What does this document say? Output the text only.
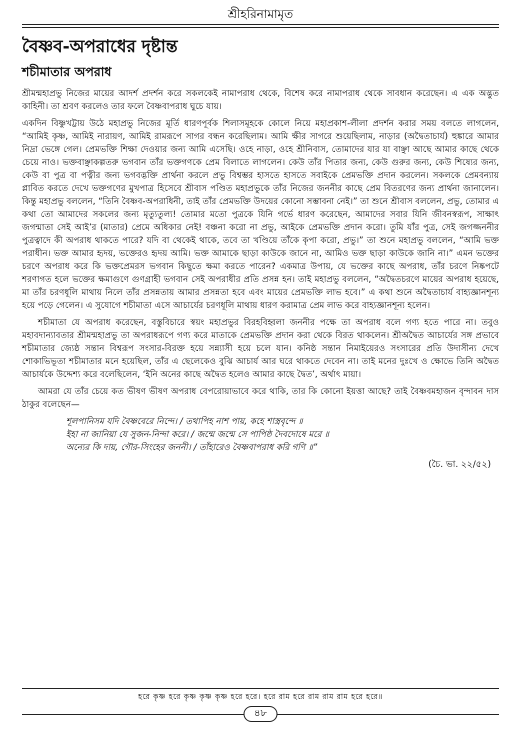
শ্রীহরিনামামৃত
বৈষ্ণব-অপরাধের দৃষ্টান্ত
শচীমাতার অপরাধ

শ্রীমন্মহাপ্রভু নিজের মায়ের আদর্শ প্রদর্শন করে সকলকেই নামাপরাধ থেকে, বিশেষ করে নামাপরাধ থেকে সাবধান করেছেন। এ এক অদ্ভুত কাহিনী। তা শ্রবণ করলেও তার ফলে বৈষ্ণবাপরাধ ঘুচে যায়।

একদিন বিষ্ণুখট্টায় উঠে মহাপ্রভু নিজের মূর্তি ধারণপূর্বক শিলাসমূহকে কোলে নিয়ে মহাপ্রকাশ-লীলা প্রদর্শন করার সময় বলতে লাগলেন, “আমিই কৃষ্ণ, আমিই নারায়ণ, আমিই রামরূপে সাগর বন্ধন করেছিলাম। আমি ক্ষীর সাগরে শুয়েছিলাম, নাড়ার (অদ্বৈতাচার্য) হুঙ্কারে আমার নিদ্রা ভেঙ্গে গেল। প্রেমভক্তি শিক্ষা দেওয়ার জন্য আমি এসেছি। ওহে নাড়া, ওহে শ্রীনিবাস, তোমাদের যার যা বাঞ্ছা আছে আমার কাছে থেকে চেয়ে নাও। ভক্তবাঞ্ছাকল্পতরু ভগবান তাঁর ভক্তগণকে প্রেম বিলাতে লাগলেন। কেউ তাঁর পিতার জন্য, কেউ গুরুর জন্য, কেউ শিষ্যের জন্য, কেউ বা পুত্র বা পত্নীর জন্য ভগবদ্ভক্তি প্রার্থনা করলে প্রভু বিশ্বম্ভর হাসতে হাসতে সবাইকে প্রেমভক্তি প্রদান করলেন। সকলকে প্রেমবন্যায় প্লাবিত করতে দেখে ভক্তগণের মুখপাত্র হিসেবে শ্রীবাস পণ্ডিত মহাপ্রভুকে তাঁর নিজের জননীর কাছে প্রেম বিতরণের জন্য প্রার্থনা জানালেন। কিন্তু মহাপ্রভু বললেন, “তিনি বৈষ্ণব-অপরাধিনী, তাই তাঁর প্রেমভক্তি উদয়ের কোনো সম্ভাবনা নেই।” তা শুনে শ্রীবাস বললেন, প্রভু, তোমার এ কথা তো আমাদের সকলের জন্য মৃত্যুতুল্য! তোমার মতো পুত্রকে যিনি গর্ভে ধারণ করেছেন, আমাদের সবার যিনি জীবনস্বরূপ, সাক্ষাৎ জগন্মাতা সেই আই’র (মাতার) প্রেমে অধিকার নেই! বঞ্চনা করো না প্রভু, আইকে প্রেমভক্তি প্রদান করো। তুমি যাঁর পুত্র, সেই জগজ্জননীর পুত্রত্বাদে কী অপরাধ থাকতে পারে? যদি বা থেকেই থাকে, তবে তা খণ্ডিয়ে তাঁকে কৃপা করো, প্রভু।” তা শুনে মহাপ্রভু বললেন, “আমি ভক্ত পরাধীন। ভক্ত আমার হৃদয়, ভক্তেরও হৃদয় আমি। ভক্ত আমাকে ছাড়া কাউকে জানে না, আমিও ভক্ত ছাড়া কাউকে জানি না।” এমন ভক্তের চরণে অপরাধ করে কি ভক্তপ্রেমরস ভগবান কিছুতে ক্ষমা করতে পারেন? একমাত্র উপায়, যে ভক্তের কাছে অপরাধ, তাঁর চরণে নিষ্কপটে শরণাগত হলে ভক্তের ক্ষমাগুণে গুণগ্রাহী ভগবান সেই অপরাধীর প্রতি প্রসন্ন হন। তাই মহাপ্রভু বললেন, “অদ্বৈতচরণে মায়ের অপরাধ হয়েছে, মা তাঁর চরণধূলি মাথায় নিলে তাঁর প্রসন্নতায় আমার প্রসন্নতা হবে এবং মায়ের প্রেমভক্তি লাভ হবে।” এ কথা শুনে অদ্বৈতাচার্য বাহ্যজ্ঞানশূন্য হয়ে পড়ে গেলেন। এ সুযোগে শচীমাতা এসে আচার্যের চরণধূলি মাথায় ধারণ করামাত্র প্রেম লাভ করে বাহ্যজ্ঞানশূন্য হলেন।

শচীমাতা যে অপরাধ করেছেন, বস্তুবিচারে স্বয়ং মহাপ্রভুর বিরহবিহ্বলা জননীর পক্ষে তা অপরাধ বলে গণ্য হতে পারে না। তবুও মহাবদান্যাবতার শ্রীমন্মহাপ্রভু তা অপরাধরূপে গণ্য করে মাতাকে প্রেমভক্তি প্রদান করা থেকে বিরত থাকলেন। শ্রীঅদ্বৈত আচার্যের সঙ্গ প্রভাবে শচীমাতার জ্যেষ্ঠ সন্তান বিশ্বরূপ সংসার-বিরক্ত হয়ে সন্ন্যাসী হয়ে চলে যান। কনিষ্ঠ সন্তান নিমাইয়েরও সংসারের প্রতি উদাসীন্য দেখে শোকাভিভূতা শচীমাতার মনে হয়েছিল, তাঁর এ ছেলেকেও বুঝি আচার্য আর ঘরে থাকতে দেবেন না। তাই মনের দুঃখে ও ক্ষোভে তিনি অদ্বৈত আচার্যকে উদ্দেশ্য করে বলেছিলেন, ‘ইনি অনের কাছে অদ্বৈত হলেও আমার কাছে দ্বৈত’, অর্থাৎ মায়া।

আমরা যে তাঁর চেয়ে কত ভীষণ ভীষণ অপরাধ বেপরোয়াভাবে করে থাকি, তার কি কোনো ইয়ত্তা আছে? তাই বৈষ্ণবমহাজন বৃন্দাবন দাস ঠাকুর বলেছেন—

শূলপানিসম যদি বৈষ্ণবেরে নিন্দে। / তথাপিহ নাশ পায়, কহে শাস্ত্রবৃন্দে ॥
ইহা না জানিয়া যে সুজন-নিন্দা করে। / জন্মে জন্মে সে পাপিষ্ঠ দৈবদোষে মরে ॥
অন্যের কি দায়, গৌর-সিংহের জননী। / তাঁহারেও বৈষ্ণবাপরাধ করি গণি ॥”
(চৈ. ভা. ২২/৫২)
হরে কৃষ্ণ হরে কৃষ্ণ কৃষ্ণ কৃষ্ণ হরে হরে। হরে রাম হরে রাম রাম রাম হরে হরে॥
৪৮
